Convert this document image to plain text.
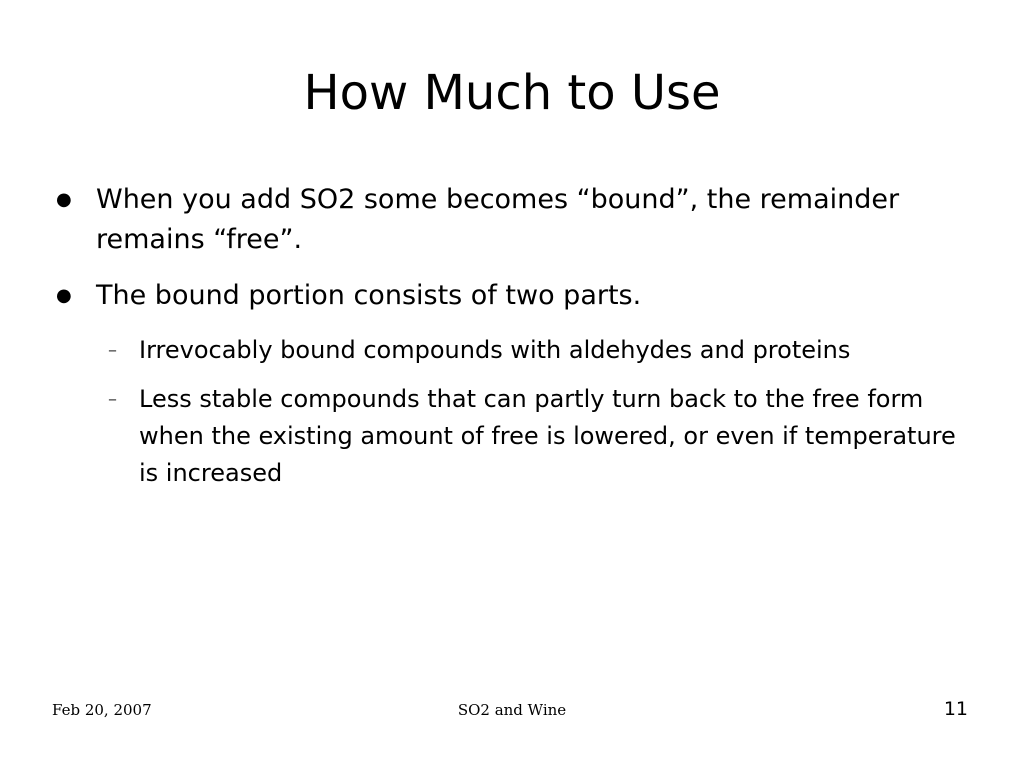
How Much to Use
● When you add SO2 some becomes “bound”, the remainder remains “free”.
● The bound portion consists of two parts.
– Irrevocably bound compounds with aldehydes and proteins
– Less stable compounds that can partly turn back to the free form when the existing amount of free is lowered, or even if temperature is increased
Feb 20, 2007	SO2 and Wine	11
